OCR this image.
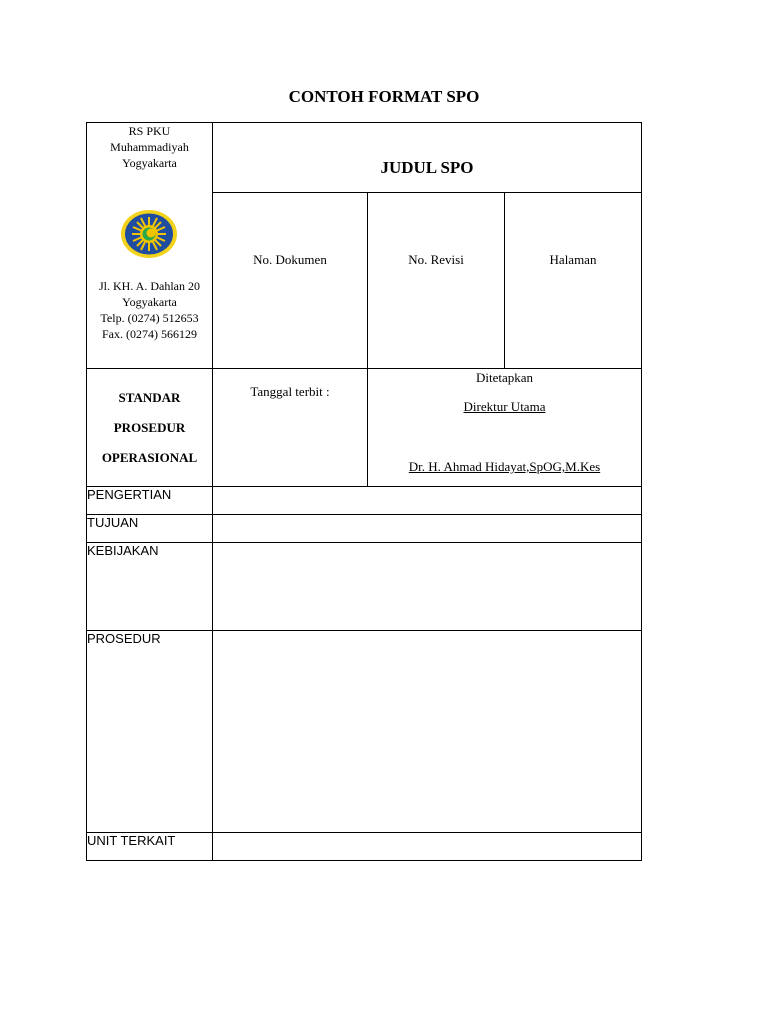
CONTOH FORMAT SPO
RS PKU
Muhammadiyah
Yogyakarta
Jl. KH. A. Dahlan 20
Yogyakarta
Telp. (0274) 512653
Fax. (0274) 566129
JUDUL SPO
No. Dokumen	No. Revisi	Halaman
STANDAR
PROSEDUR
OPERASIONAL
Tanggal terbit :
Ditetapkan
Direktur Utama
Dr. H. Ahmad Hidayat,SpOG,M.Kes
PENGERTIAN
TUJUAN
KEBIJAKAN
PROSEDUR
UNIT TERKAIT
